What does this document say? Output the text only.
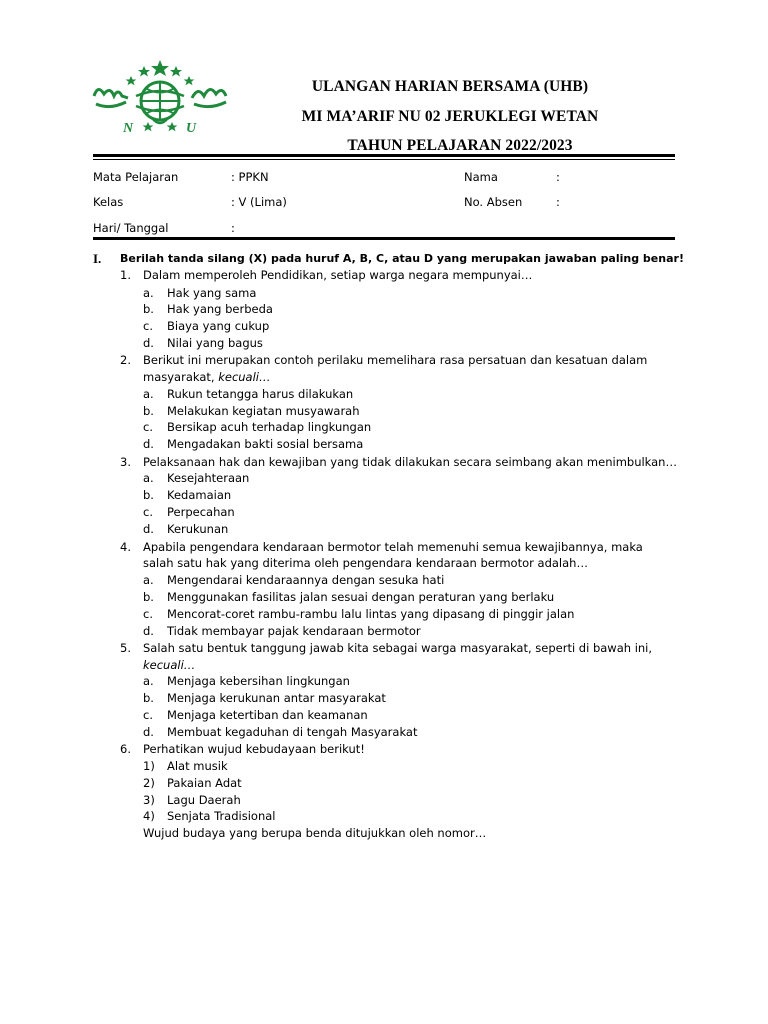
N	U
ULANGAN HARIAN BERSAMA (UHB)
MI MA’ARIF NU 02 JERUKLEGI WETAN
TAHUN PELAJARAN 2022/2023
Mata Pelajaran	: PPKN	Nama	:
Kelas	: V (Lima)	No. Absen	:
Hari/ Tanggal	:
I. Berilah tanda silang (X) pada huruf A, B, C, atau D yang merupakan jawaban paling benar!
1. Dalam memperoleh Pendidikan, setiap warga negara mempunyai…
a. Hak yang sama
b. Hak yang berbeda
c. Biaya yang cukup
d. Nilai yang bagus
2. Berikut ini merupakan contoh perilaku memelihara rasa persatuan dan kesatuan dalam
masyarakat, kecuali…
a. Rukun tetangga harus dilakukan
b. Melakukan kegiatan musyawarah
c. Bersikap acuh terhadap lingkungan
d. Mengadakan bakti sosial bersama
3. Pelaksanaan hak dan kewajiban yang tidak dilakukan secara seimbang akan menimbulkan…
a. Kesejahteraan
b. Kedamaian
c. Perpecahan
d. Kerukunan
4. Apabila pengendara kendaraan bermotor telah memenuhi semua kewajibannya, maka
salah satu hak yang diterima oleh pengendara kendaraan bermotor adalah…
a. Mengendarai kendaraannya dengan sesuka hati
b. Menggunakan fasilitas jalan sesuai dengan peraturan yang berlaku
c. Mencorat-coret rambu-rambu lalu lintas yang dipasang di pinggir jalan
d. Tidak membayar pajak kendaraan bermotor
5. Salah satu bentuk tanggung jawab kita sebagai warga masyarakat, seperti di bawah ini,
kecuali…
a. Menjaga kebersihan lingkungan
b. Menjaga kerukunan antar masyarakat
c. Menjaga ketertiban dan keamanan
d. Membuat kegaduhan di tengah Masyarakat
6. Perhatikan wujud kebudayaan berikut!
1) Alat musik
2) Pakaian Adat
3) Lagu Daerah
4) Senjata Tradisional
Wujud budaya yang berupa benda ditujukkan oleh nomor…
